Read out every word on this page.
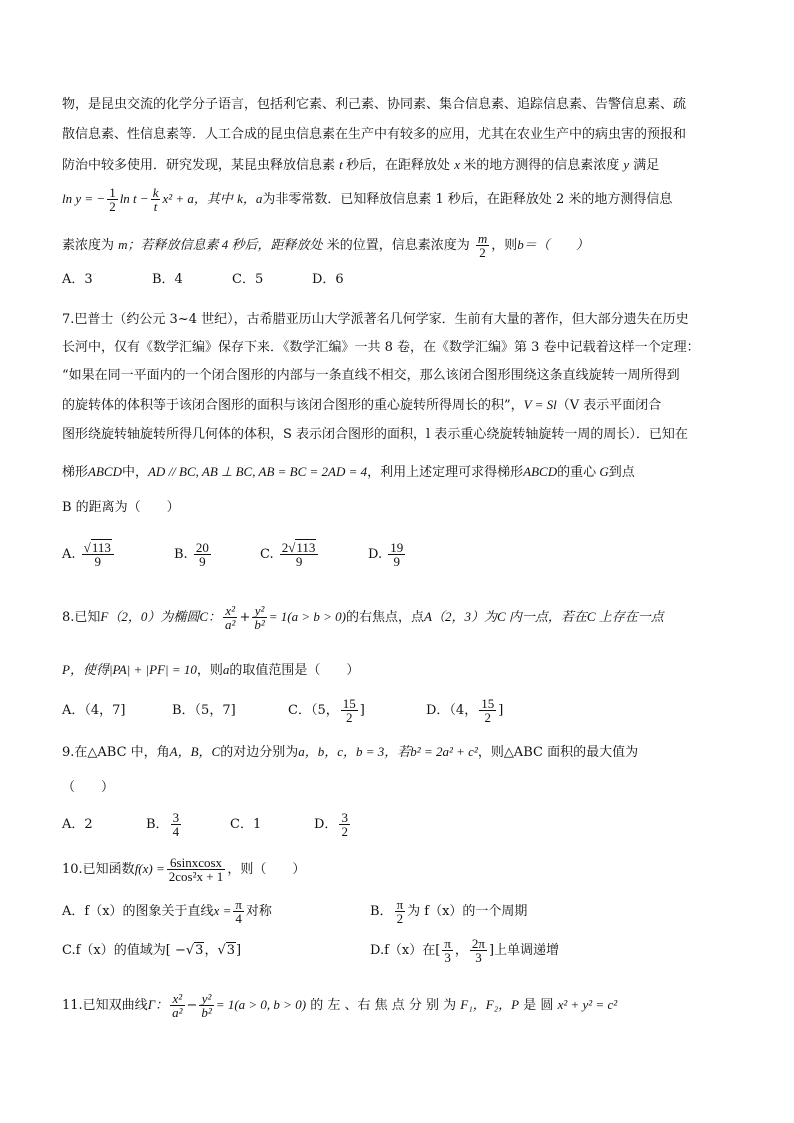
物，是昆虫交流的化学分子语言，包括利它素、利己素、协同素、集合信息素、追踪信息素、告警信息素、疏
散信息素、性信息素等．人工合成的昆虫信息素在生产中有较多的应用，尤其在农业生产中的病虫害的预报和
防治中较多使用．研究发现，某昆虫释放信息素 t 秒后，在距释放处 x 米的地方测得的信息素浓度 y 满足
ln y = − $\frac{1}{2}$ $\ln t - \frac{k}{t} x^2 + a$，其中 k，a为非零常数．已知释放信息素 1 秒后，在距释放处 2 米的地方测得信息
素浓度为 m；若释放信息素 4 秒后，距释放处 米的位置，信息素浓度为 $\frac{m}{2}$ ，则b＝（　　）
A．3	B．4	C．5	D．6
7.巴普士（约公元 3~4 世纪），古希腊亚历山大学派著名几何学家．生前有大量的著作，但大部分遗失在历史
长河中，仅有《数学汇编》保存下来．《数学汇编》一共 8 卷，在《数学汇编》第 3 卷中记载着这样一个定理：
“如果在同一平面内的一个闭合图形的内部与一条直线不相交，那么该闭合图形围绕这条直线旋转一周所得到
的旋转体的体积等于该闭合图形的面积与该闭合图形的重心旋转所得周长的积”，V = Sl（V 表示平面闭合
图形绕旋转轴旋转所得几何体的体积，S 表示闭合图形的面积，l 表示重心绕旋转轴旋转一周的周长）．已知在
梯形ABCD中，AD // BC, AB ⊥ BC, AB = BC = 2AD = 4，利用上述定理可求得梯形ABCD的重心 G到点
B 的距离为（　　）
A. $\frac{√113}{9}$	B. $\frac{20}{9}$	C. $\frac{2√113}{9}$	D. $\frac{19}{9}$
8.已知F（2，0）为椭圆C： $\frac{\text{x²}}{\text{a²}} + \frac{\text{y²}}{\text{b²}} = 1(a > b > 0)$的右焦点，点A（2，3）为C 内一点，若在C 上存在一点
P，使得|PA| + |PF| = 10，则a的取值范围是（　　）
A．（4，7]	B．（5，7]	C．（5， $\frac{15}{2}$ ]	D．（4， $\frac{15}{2}$ ]
9.在△ABC 中，角A，B，C的对边分别为a，b，c，b = 3，若b² = 2a² + c²，则△ABC 面积的最大值为
（　　）
A．2	B． $\frac{3}{4}$	C．1	D． $\frac{3}{2}$
10.已知函数$f(x) = \frac{\text{6sinxcosx}}{\text{2cos²x + 1}}$ ，则（　　）
A．f（x）的图象关于直线$x = \frac{\pi}{4}$ 对称	B． $\frac{\pi}{2}$ 为 f（x）的一个周期
C.f（x）的值域为[ −√3，√3]	D.f（x）在[ $\frac{\pi}{3}$ ， $\frac{2\pi}{3}$ ]上单调递增
11.已知双曲线Γ： $\frac{\text{x²}}{\text{a²}} - \frac{\text{y²}}{\text{b²}} = 1(a > 0$, b > 0) 的 左 、右 焦 点 分 别 为 F₁，F₂，P 是 圆 x² + y² = c²
